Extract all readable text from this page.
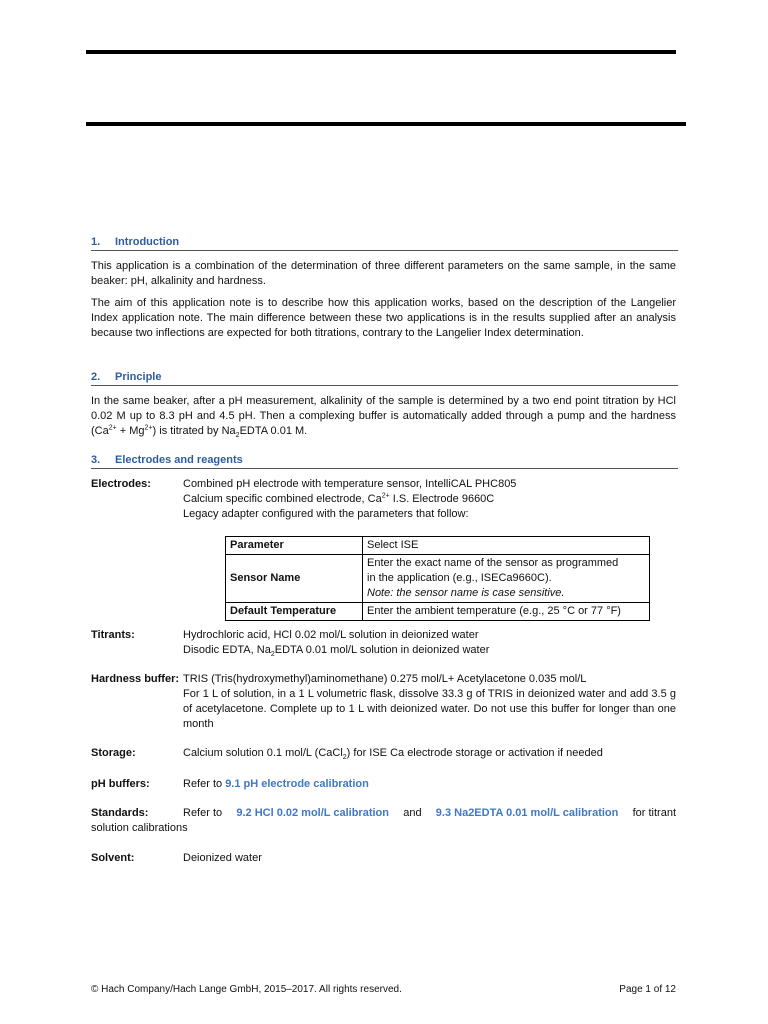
1. Introduction
This application is a combination of the determination of three different parameters on the same sample, in the same beaker: pH, alkalinity and hardness.
The aim of this application note is to describe how this application works, based on the description of the Langelier Index application note. The main difference between these two applications is in the results supplied after an analysis because two inflections are expected for both titrations, contrary to the Langelier Index determination.
2. Principle
In the same beaker, after a pH measurement, alkalinity of the sample is determined by a two end point titration by HCl 0.02 M up to 8.3 pH and 4.5 pH. Then a complexing buffer is automatically added through a pump and the hardness $(Ca^{2+} + Mg^{2+})$ is titrated by $Na_2EDTA$ 0.01 M.
3. Electrodes and reagents
Electrodes:	Combined pH electrode with temperature sensor, IntelliCAL PHC805
Calcium specific combined electrode, $Ca^{2+}$ I.S. Electrode 9660C
Legacy adapter configured with the parameters that follow:
Parameter	Select ISE
Sensor Name	Enter the exact name of the sensor as programmed
in the application (e.g., ISECa9660C).
Note: the sensor name is case sensitive.

Default Temperature	Enter the ambient temperature (e.g., 25 °C or 77 °F)
Titrants:	Hydrochloric acid, HCl 0.02 mol/L solution in deionized water
Disodic EDTA, $Na_2EDTA$ 0.01 mol/L solution in deionized water
Hardness buffer: TRIS (Tris(hydroxymethyl)aminomethane) 0.275 mol/L+ Acetylacetone 0.035 mol/L
For 1 L of solution, in a 1 L volumetric flask, dissolve 33.3 g of TRIS in deionized water and add 3.5 g of acetylacetone. Complete up to 1 L with deionized water. Do not use this buffer for longer than one month
Storage:	Calcium solution 0.1 mol/L (CaCl$_2$) for ISE Ca electrode storage or activation if needed
pH buffers:	Refer to 9.1 pH electrode calibration
Standards:	Refer to 9.2 HCl 0.02 mol/L calibration and 9.3 Na2EDTA 0.01 mol/L calibration for titrant
solution calibrations
Solvent:	Deionized water
© Hach Company/Hach Lange GmbH, 2015–2017. All rights reserved.	Page 1 of 12
